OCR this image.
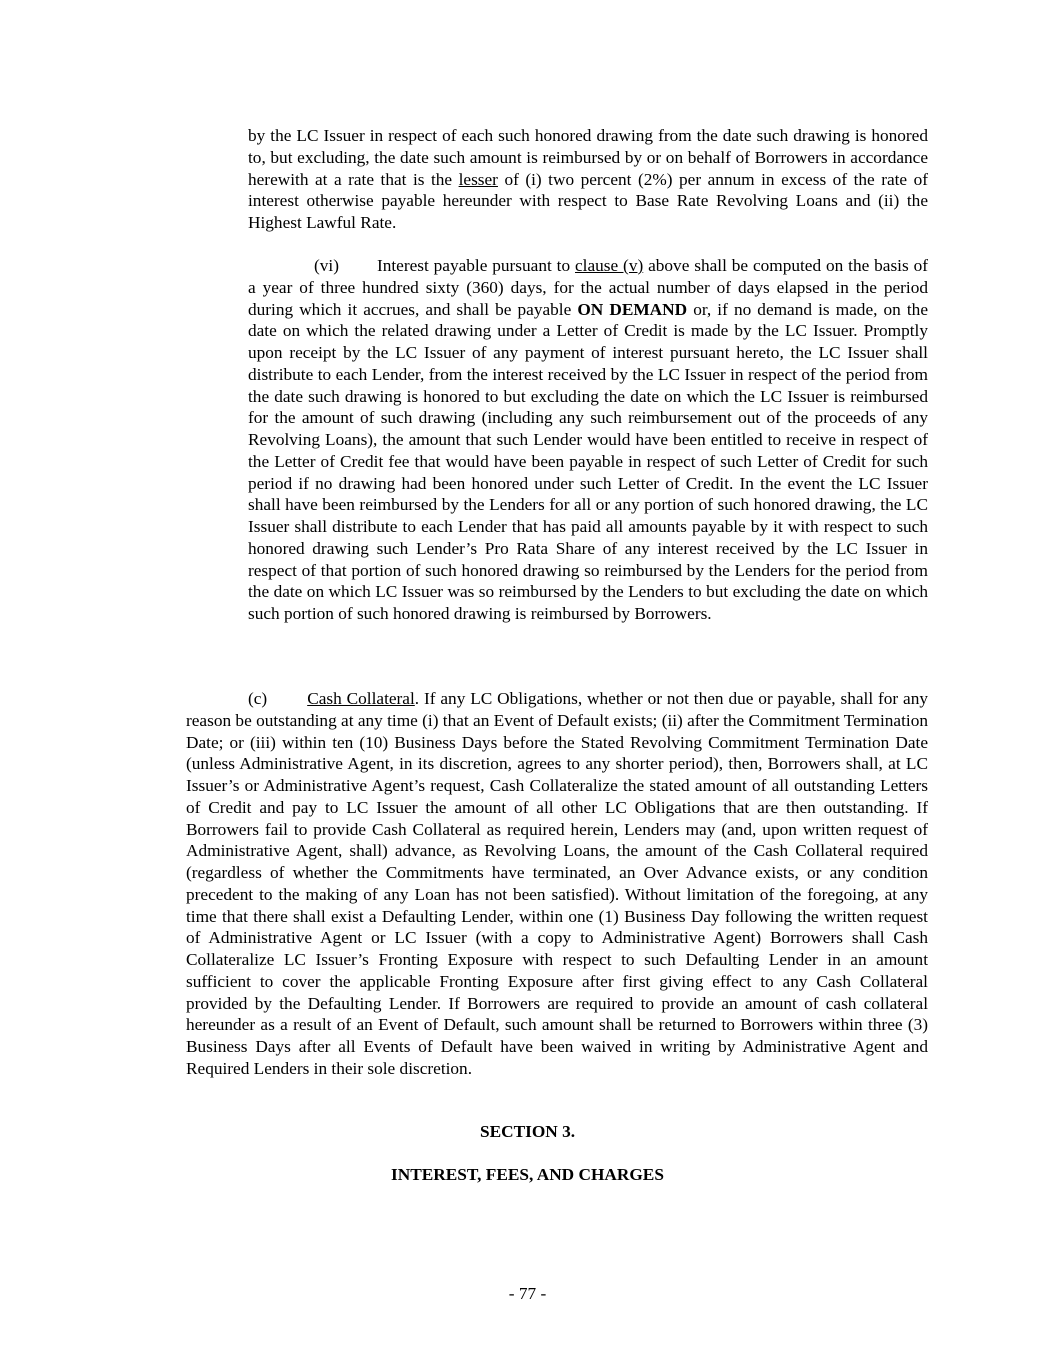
by the LC Issuer in respect of each such honored drawing from the date such drawing is honored to, but excluding, the date such amount is reimbursed by or on behalf of Borrowers in accordance herewith at a rate that is the lesser of (i) two percent (2%) per annum in excess of the rate of interest otherwise payable hereunder with respect to Base Rate Revolving Loans and (ii) the Highest Lawful Rate.

(vi) Interest payable pursuant to clause (v) above shall be computed on the basis of a year of three hundred sixty (360) days, for the actual number of days elapsed in the period during which it accrues, and shall be payable ON DEMAND or, if no demand is made, on the date on which the related drawing under a Letter of Credit is made by the LC Issuer. Promptly upon receipt by the LC Issuer of any payment of interest pursuant hereto, the LC Issuer shall distribute to each Lender, from the interest received by the LC Issuer in respect of the period from the date such drawing is honored to but excluding the date on which the LC Issuer is reimbursed for the amount of such drawing (including any such reimbursement out of the proceeds of any Revolving Loans), the amount that such Lender would have been entitled to receive in respect of the Letter of Credit fee that would have been payable in respect of such Letter of Credit for such period if no drawing had been honored under such Letter of Credit. In the event the LC Issuer shall have been reimbursed by the Lenders for all or any portion of such honored drawing, the LC Issuer shall distribute to each Lender that has paid all amounts payable by it with respect to such honored drawing such Lender’s Pro Rata Share of any interest received by the LC Issuer in respect of that portion of such honored drawing so reimbursed by the Lenders for the period from the date on which LC Issuer was so reimbursed by the Lenders to but excluding the date on which such portion of such honored drawing is reimbursed by Borrowers.

(c) Cash Collateral. If any LC Obligations, whether or not then due or payable, shall for any reason be outstanding at any time (i) that an Event of Default exists; (ii) after the Commitment Termination Date; or (iii) within ten (10) Business Days before the Stated Revolving Commitment Termination Date (unless Administrative Agent, in its discretion, agrees to any shorter period), then, Borrowers shall, at LC Issuer’s or Administrative Agent’s request, Cash Collateralize the stated amount of all outstanding Letters of Credit and pay to LC Issuer the amount of all other LC Obligations that are then outstanding. If Borrowers fail to provide Cash Collateral as required herein, Lenders may (and, upon written request of Administrative Agent, shall) advance, as Revolving Loans, the amount of the Cash Collateral required (regardless of whether the Commitments have terminated, an Over Advance exists, or any condition precedent to the making of any Loan has not been satisfied). Without limitation of the foregoing, at any time that there shall exist a Defaulting Lender, within one (1) Business Day following the written request of Administrative Agent or LC Issuer (with a copy to Administrative Agent) Borrowers shall Cash Collateralize LC Issuer’s Fronting Exposure with respect to such Defaulting Lender in an amount sufficient to cover the applicable Fronting Exposure after first giving effect to any Cash Collateral provided by the Defaulting Lender. If Borrowers are required to provide an amount of cash collateral hereunder as a result of an Event of Default, such amount shall be returned to Borrowers within three (3) Business Days after all Events of Default have been waived in writing by Administrative Agent and Required Lenders in their sole discretion.

SECTION 3.
INTEREST, FEES, AND CHARGES
- 77 -
